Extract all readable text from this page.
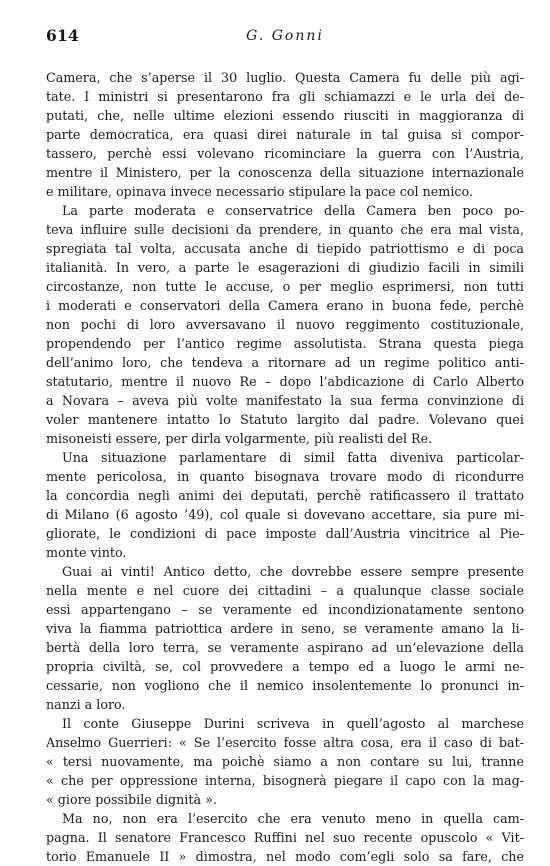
614	G. Gonni
Camera, che s’aperse il 30 luglio. Questa Camera fu delle più agi-
tate. I ministri si presentarono fra gli schiamazzi e le urla dei de-
putati, che, nelle ultime elezioni essendo riusciti in maggioranza di
parte democratica, era quasi direi naturale in tal guisa si compor-
tassero, perchè essi volevano ricominciare la guerra con l’Austria,
mentre il Ministero, per la conoscenza della situazione internazionale
e militare, opinava invece necessario stipulare la pace col nemico.
La parte moderata e conservatrice della Camera ben poco po-
teva influire sulle decisioni da prendere, in quanto che era mal vista,
spregiata tal volta, accusata anche di tiepido patriottismo e di poca
italianità. In vero, a parte le esagerazioni di giudizio facili in simili
circostanze, non tutte le accuse, o per meglio esprimersi, non tutti
i moderati e conservatori della Camera erano in buona fede, perchè
non pochi di loro avversavano il nuovo reggimento costituzionale,
propendendo per l’antico regime assolutista. Strana questa piega
dell’animo loro, che tendeva a ritornare ad un regime politico anti-
statutario, mentre il nuovo Re – dopo l’abdicazione di Carlo Alberto
a Novara – aveva più volte manifestato la sua ferma convinzione di
voler mantenere intatto lo Statuto largito dal padre. Volevano quei
misoneisti essere, per dirla volgarmente, più realisti del Re.
Una situazione parlamentare di simil fatta diveniva particolar-
mente pericolosa, in quanto bisognava trovare modo di ricondurre
la concordia negli animi dei deputati, perchè ratificassero il trattato
di Milano (6 agosto ’49), col quale si dovevano accettare, sia pure mi-
gliorate, le condizioni di pace imposte dall’Austria vincitrice al Pie-
monte vinto.
Guai ai vinti! Antico detto, che dovrebbe essere sempre presente
nella mente e nel cuore dei cittadini – a qualunque classe sociale
essi appartengano – se veramente ed incondizionatamente sentono
viva la fiamma patriottica ardere in seno, se veramente amano la li-
bertà della loro terra, se veramente aspirano ad un’elevazione della
propria civiltà, se, col provvedere a tempo ed a luogo le armi ne-
cessarie, non vogliono che il nemico insolentemente lo pronunci in-
nanzi a loro.
Il conte Giuseppe Durini scriveva in quell’agosto al marchese
Anselmo Guerrieri: « Se l’esercito fosse altra cosa, era il caso di bat-
« tersi nuovamente, ma poichè siamo a non contare su lui, tranne
« che per oppressione interna, bisognerà piegare il capo con la mag-
« giore possibile dignità ».
Ma no, non era l’esercito che era venuto meno in quella cam-
pagna. Il senatore Francesco Ruffini nel suo recente opuscolo « Vit-
torio Emanuele II » dimostra, nel modo com’egli solo sa fare, che
